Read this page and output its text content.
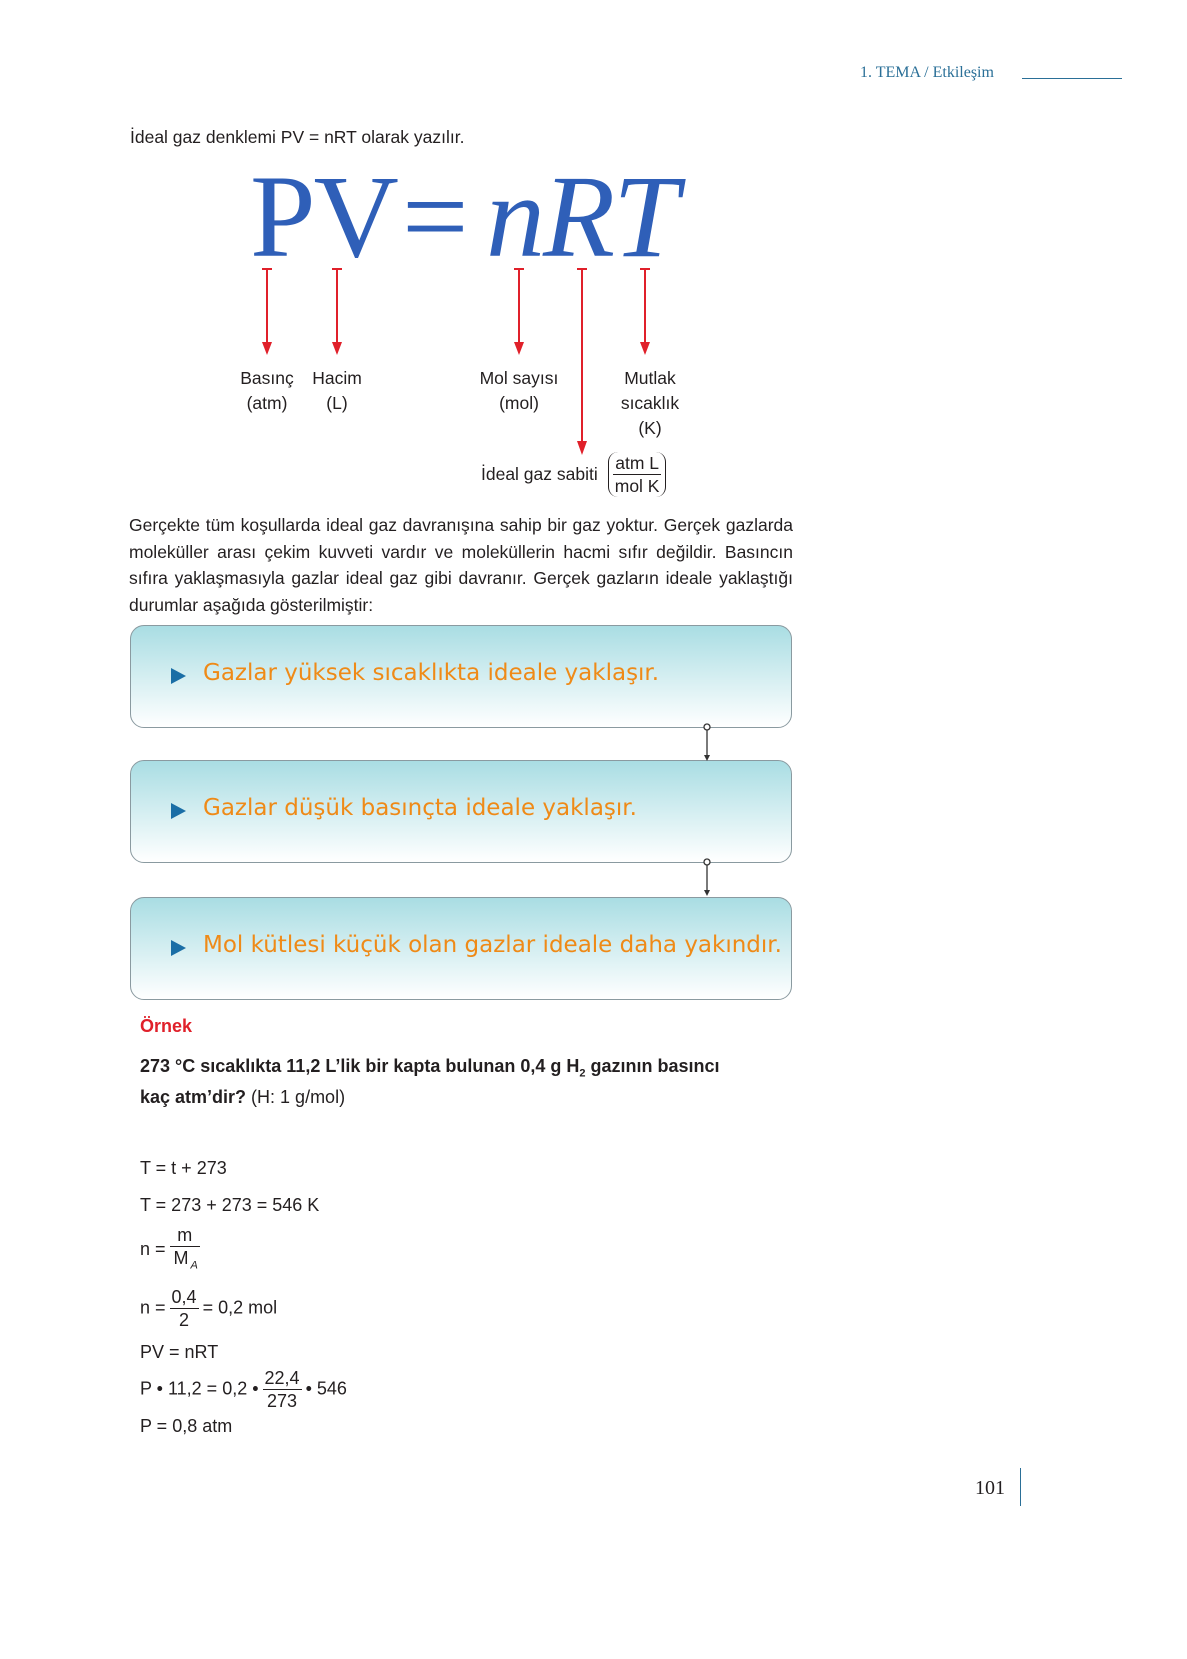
1. TEMA / Etkileşim
İdeal gaz denklemi PV = nRT olarak yazılır.
PV = nRT
Basınç
(atm)
Hacim
(L)
Mol sayısı
(mol)
Mutlak
sıcaklık
(K)
İdeal gaz sabiti $\frac{\text{atm L}}{\text{mol K}}$
Gerçekte tüm koşullarda ideal gaz davranışına sahip bir gaz yoktur. Gerçek gazlarda moleküller arası çekim kuvveti vardır ve moleküllerin hacmi sıfır değildir. Basıncın sıfıra yaklaşmasıyla gazlar ideal gaz gibi davranır. Gerçek gazların ideale yaklaştığı durumlar aşağıda gösterilmiştir:
Gazlar yüksek sıcaklıkta ideale yaklaşır.
Gazlar düşük basınçta ideale yaklaşır.
Mol kütlesi küçük olan gazlar ideale daha yakındır.
Örnek
273 °C sıcaklıkta 11,2 L’lik bir kapta bulunan 0,4 g $H_2$ gazının basıncı
kaç atm’dir? (H: 1 g/mol)
T = t + 273
T = 273 + 273 = 546 K
$n = \frac{m}{M _A}$
$n = \frac{0,4}{2} = 0,2$ mol
PV = nRT
P • 11,2 = 0,2 • $\frac{22,4}{273}$ • 546
P = 0,8 atm
101
